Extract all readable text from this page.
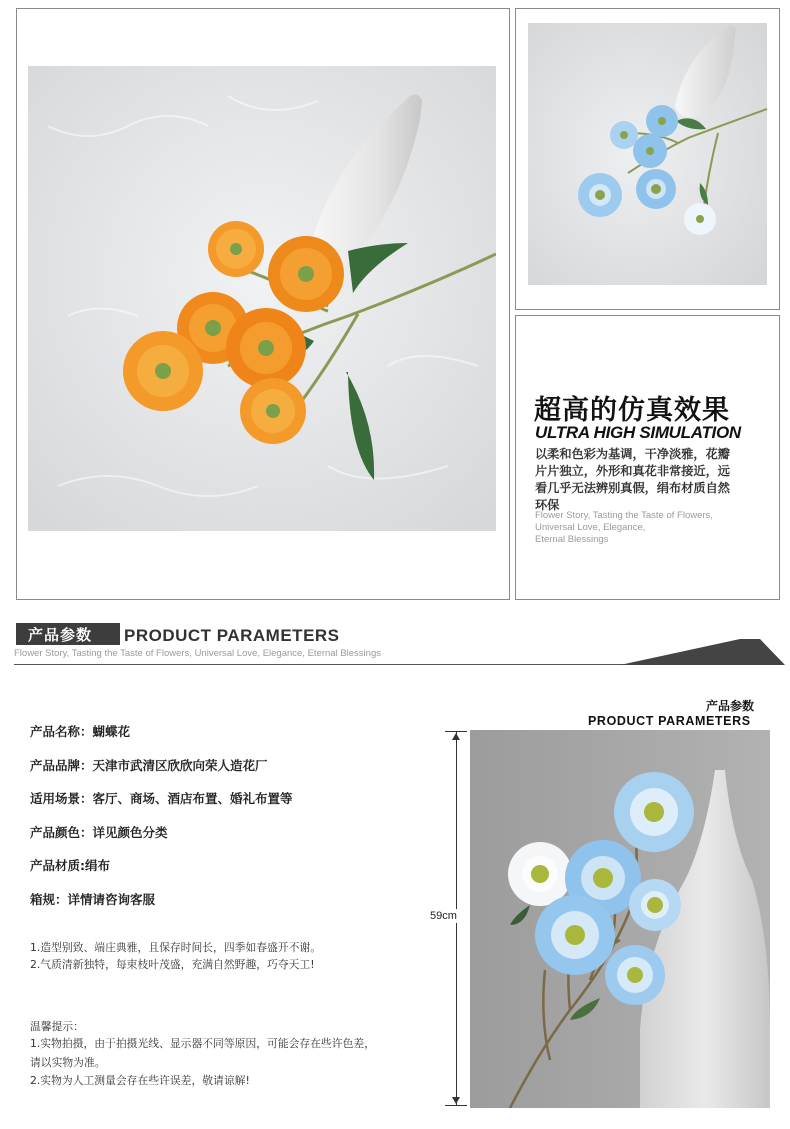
超高的仿真效果
ULTRA HIGH SIMULATION
以柔和色彩为基调，干净淡雅，花瓣
片片独立，外形和真花非常接近，远
看几乎无法辨别真假，绢布材质自然
环保
Flower Story, Tasting the Taste of Flowers,
Universal Love, Elegance,
Eternal Blessings
产品参数 PRODUCT PARAMETERS
Flower Story, Tasting the Taste of Flowers, Universal Love, Elegance, Eternal Blessings
产品参数
PRODUCT PARAMETERS
产品名称：蝴蝶花
产品品牌：天津市武清区欣欣向荣人造花厂
适用场景：客厅、商场、酒店布置、婚礼布置等
产品颜色：详见颜色分类
产品材质:绢布
箱规：详情请咨询客服
1.造型别致、端庄典雅，且保存时间长，四季如春盛开不谢。
2.气质清新独特，每束枝叶茂盛，充满自然野趣，巧夺天工!
温馨提示：
1.实物拍摄，由于拍摄光线、显示器不同等原因，可能会存在些许色差，
请以实物为准。
2.实物为人工测量会存在些许误差，敬请谅解!
59cm
